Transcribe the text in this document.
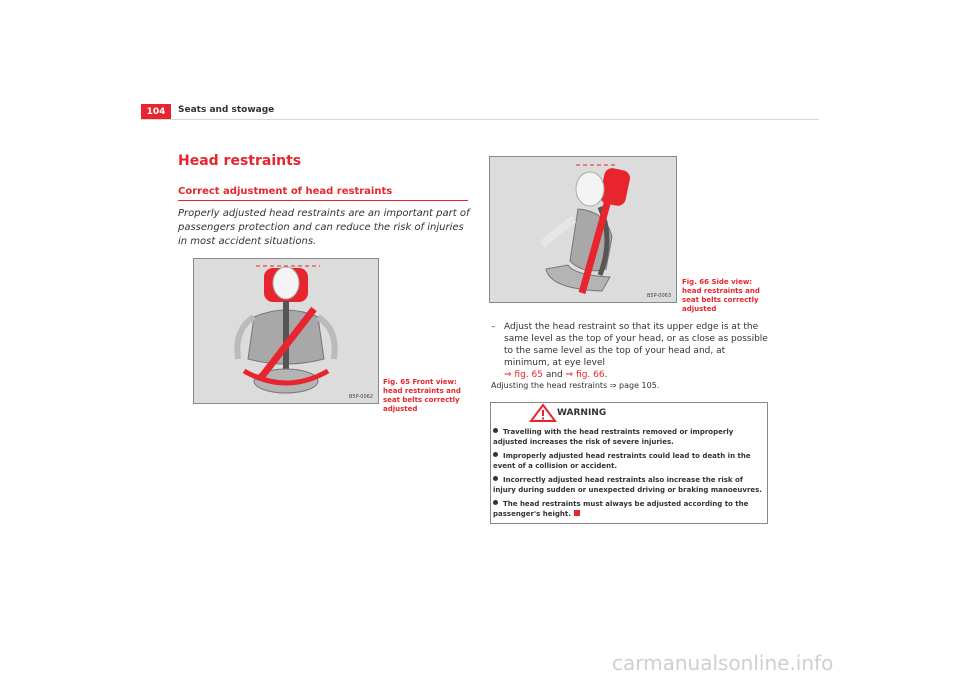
104	Seats and stowage
Head restraints
Correct adjustment of head restraints
Properly adjusted head restraints are an important part of passengers protection and can reduce the risk of injuries in most accident situations.
B5P-0062
Fig. 65 Front view: head restraints and seat belts correctly adjusted
B5P-0063
Fig. 66 Side view: head restraints and seat belts correctly adjusted
– Adjust the head restraint so that its upper edge is at the same level as the top of your head, or as close as possible to the same level as the top of your head and, at minimum, at eye level
⇒ fig. 65 and ⇒ fig. 66.
Adjusting the head restraints ⇒ page 105.
WARNING
Travelling with the head restraints removed or improperly adjusted increases the risk of severe injuries.
Improperly adjusted head restraints could lead to death in the event of a collision or accident.
Incorrectly adjusted head restraints also increase the risk of injury during sudden or unexpected driving or braking manoeuvres.
The head restraints must always be adjusted according to the passenger's height.
carmanualsonline.info
